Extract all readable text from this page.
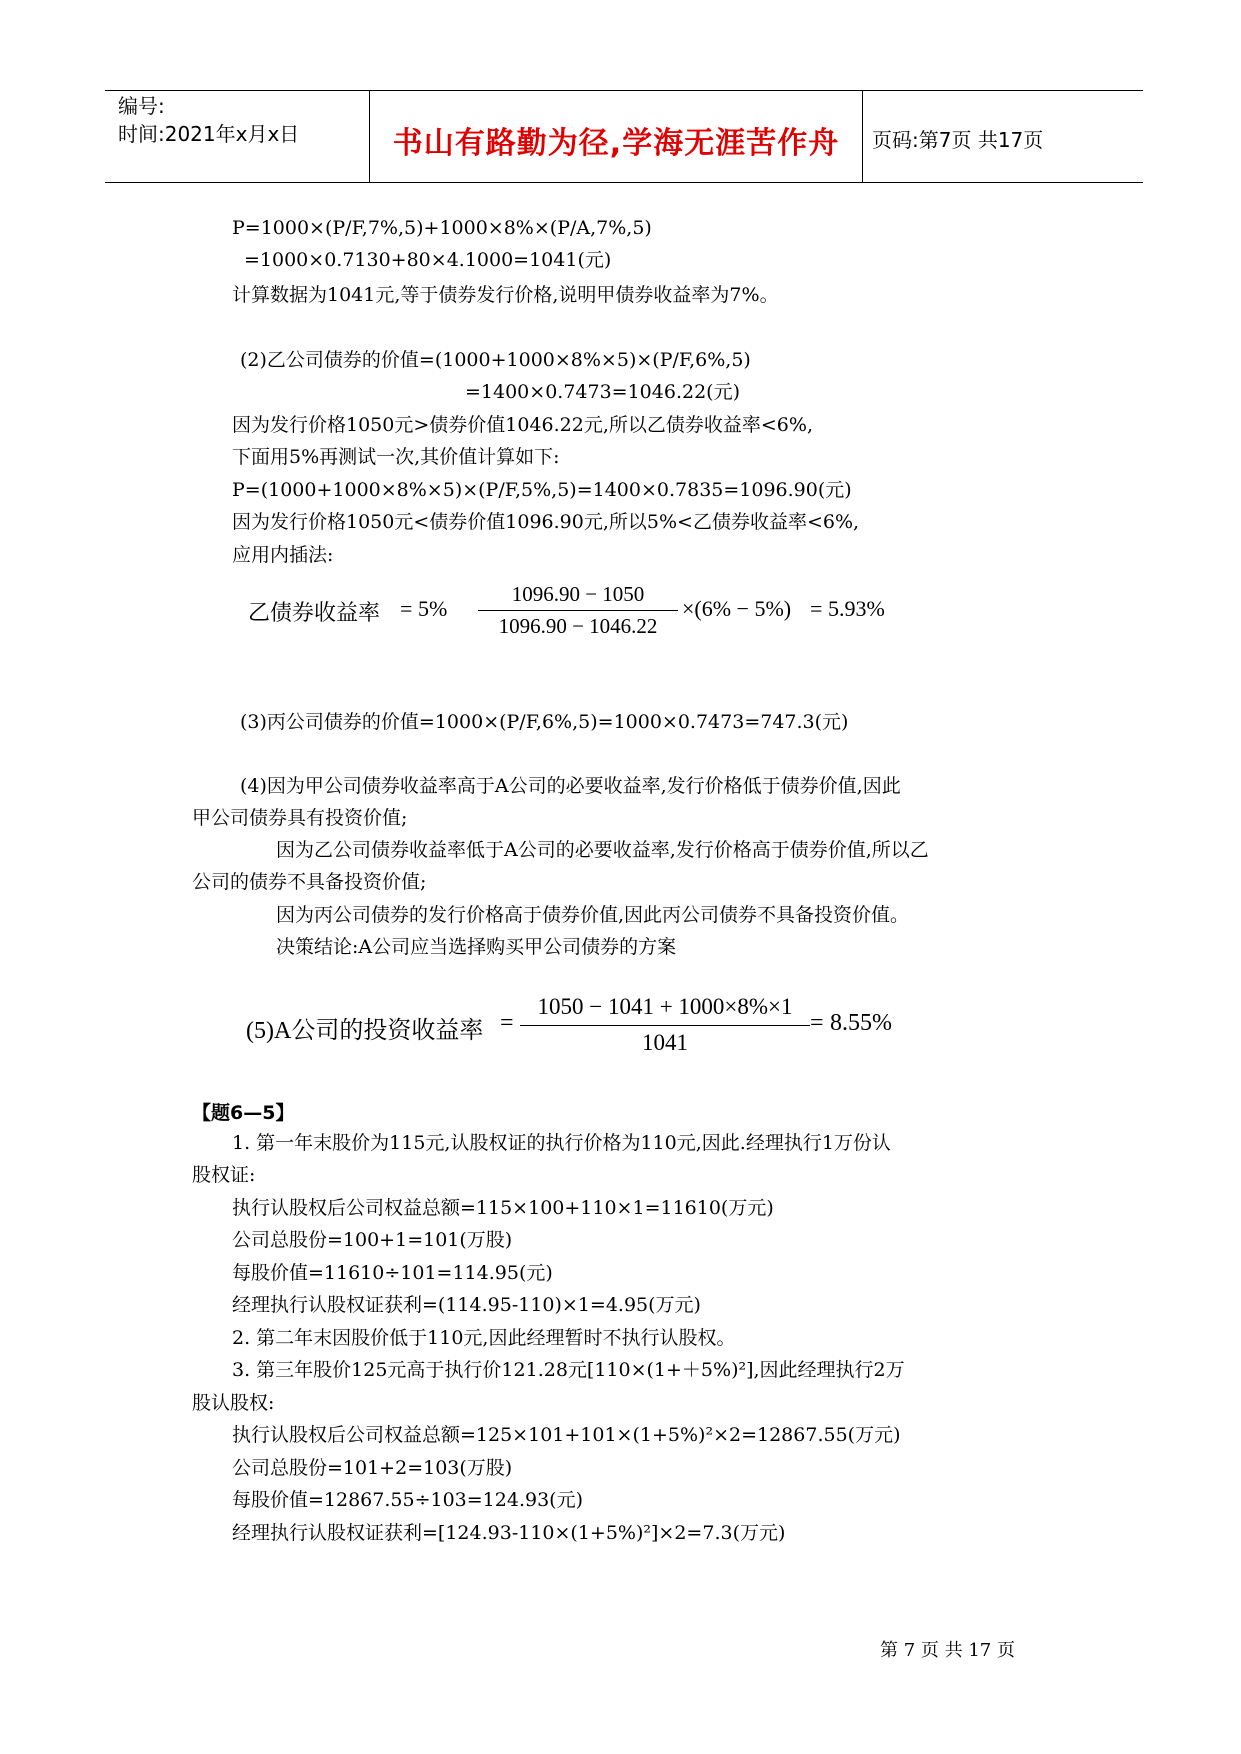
编号:
时间:2021年x月x日	书山有路勤为径,学海无涯苦作舟	页码:第7页 共17页
P=1000×(P/F,7%,5)+1000×8%×(P/A,7%,5)
=1000×0.7130+80×4.1000=1041(元)
计算数据为1041元,等于债券发行价格,说明甲债券收益率为7%。
(2)乙公司债券的价值=(1000+1000×8%×5)×(P/F,6%,5)
=1400×0.7473=1046.22(元)
因为发行价格1050元>债券价值1046.22元,所以乙债券收益率<6%,
下面用5%再测试一次,其价值计算如下:
P=(1000+1000×8%×5)×(P/F,5%,5)=1400×0.7835=1096.90(元)
因为发行价格1050元<债券价值1096.90元,所以5%<乙债券收益率<6%,
应用内插法:
乙债券收益率 = 5%
1096.90 − 1050
1096.90 − 1046.22
×(6% − 5%) = 5.93%
(3)丙公司债券的价值=1000×(P/F,6%,5)=1000×0.7473=747.3(元)
(4)因为甲公司债券收益率高于A公司的必要收益率,发行价格低于债券价值,因此
甲公司债券具有投资价值;
因为乙公司债券收益率低于A公司的必要收益率,发行价格高于债券价值,所以乙
公司的债券不具备投资价值;
因为丙公司债券的发行价格高于债券价值,因此丙公司债券不具备投资价值。
决策结论:A公司应当选择购买甲公司债券的方案
(5)A公司的投资收益率 =
1050 − 1041 + 1000×8%×1
1041
= 8.55%
【题6—5】
1. 第一年末股价为115元,认股权证的执行价格为110元,因此.经理执行1万份认
股权证:
执行认股权后公司权益总额=115×100+110×1=11610(万元)
公司总股份=100+1=101(万股)
每股价值=11610÷101=114.95(元)
经理执行认股权证获利=(114.95-110)×1=4.95(万元)
2. 第二年末因股价低于110元,因此经理暂时不执行认股权。
3. 第三年股价125元高于执行价121.28元[110×(1+＋5%)²],因此经理执行2万
股认股权:
执行认股权后公司权益总额=125×101+101×(1+5%)²×2=12867.55(万元)
公司总股份=101+2=103(万股)
每股价值=12867.55÷103=124.93(元)
经理执行认股权证获利=[124.93-110×(1+5%)²]×2=7.3(万元)
第 7 页 共 17 页
